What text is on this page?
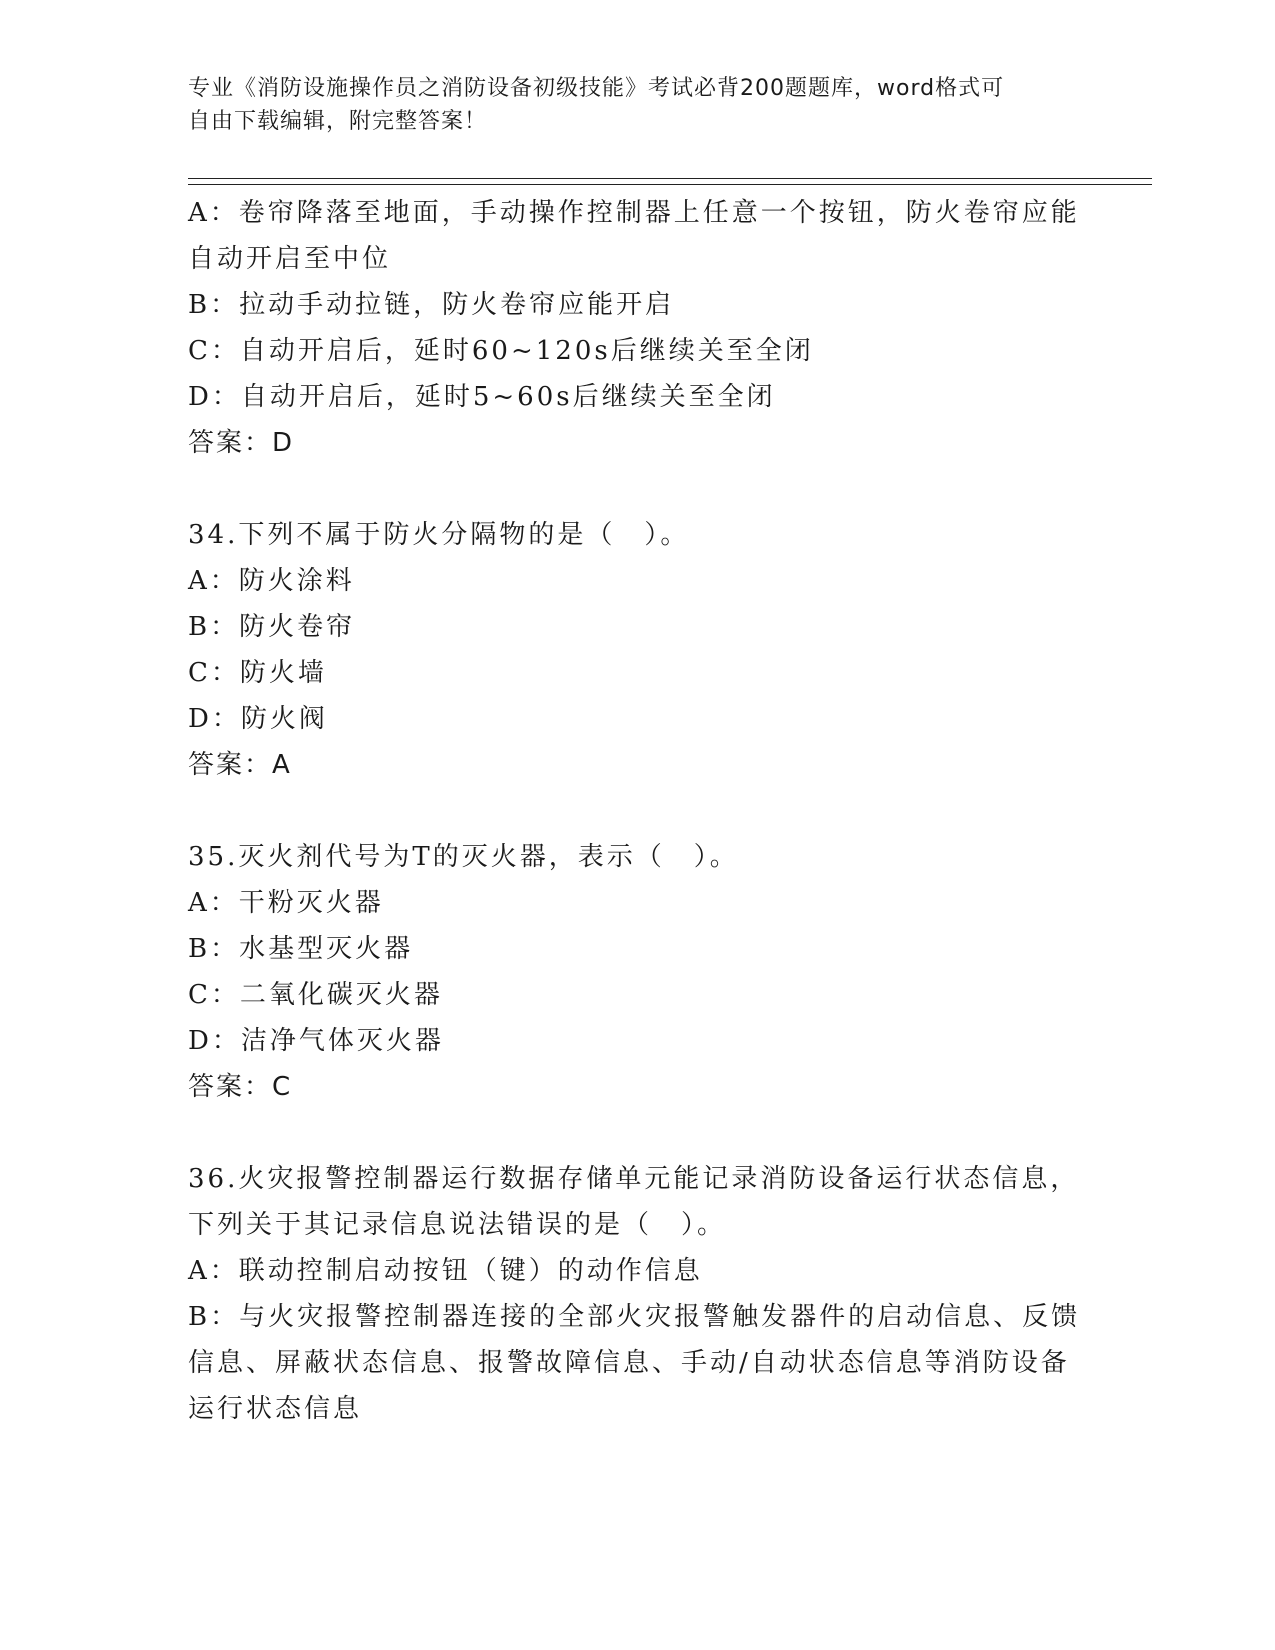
专业《消防设施操作员之消防设备初级技能》考试必背200题题库，word格式可
自由下载编辑，附完整答案！
A：卷帘降落至地面，手动操作控制器上任意一个按钮，防火卷帘应能
自动开启至中位
B：拉动手动拉链，防火卷帘应能开启
C：自动开启后，延时60~120s后继续关至全闭
D：自动开启后，延时5~60s后继续关至全闭
答案：D
34.下列不属于防火分隔物的是（　）。
A：防火涂料
B：防火卷帘
C：防火墙
D：防火阀
答案：A
35.灭火剂代号为T的灭火器，表示（　）。
A：干粉灭火器
B：水基型灭火器
C：二氧化碳灭火器
D：洁净气体灭火器
答案：C
36.火灾报警控制器运行数据存储单元能记录消防设备运行状态信息，
下列关于其记录信息说法错误的是（　）。
A：联动控制启动按钮（键）的动作信息
B：与火灾报警控制器连接的全部火灾报警触发器件的启动信息、反馈
信息、屏蔽状态信息、报警故障信息、手动/自动状态信息等消防设备
运行状态信息
